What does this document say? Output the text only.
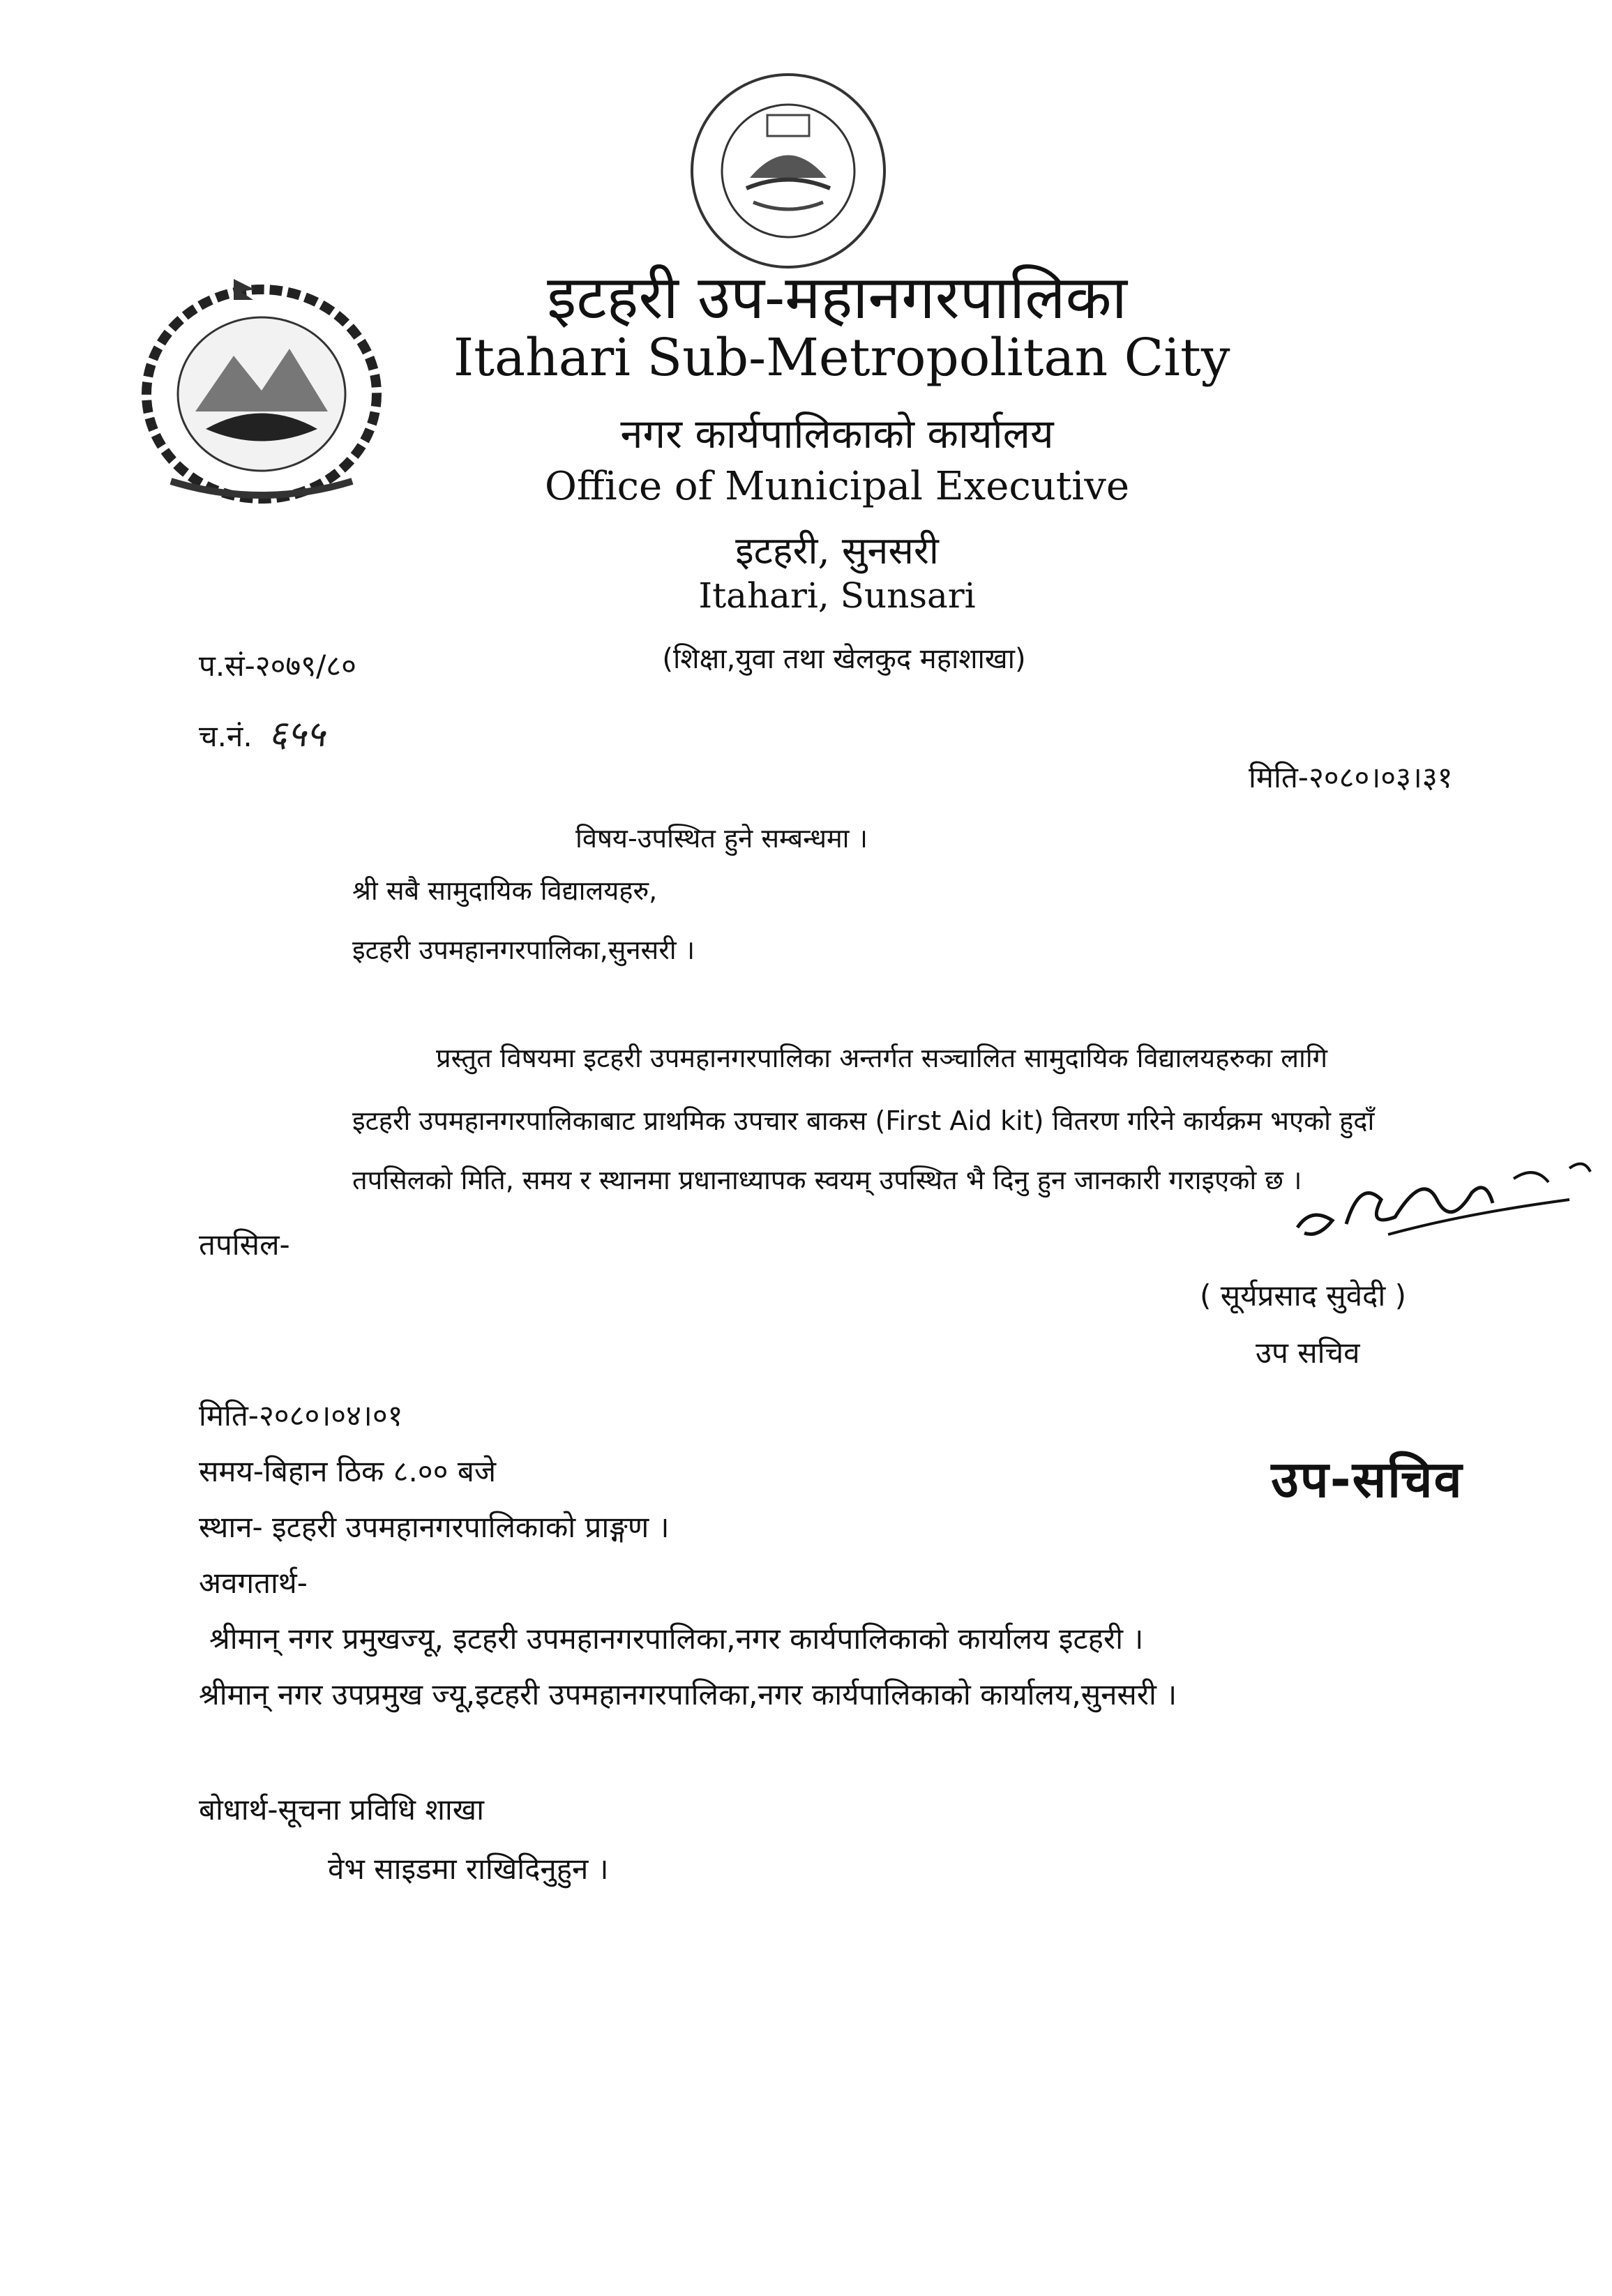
इटहरी उप-महानगरपालिका
Itahari Sub-Metropolitan City
नगर कार्यपालिकाको कार्यालय
Office of Municipal Executive
इटहरी, सुनसरी
Itahari, Sunsari
(शिक्षा,युवा तथा खेलकुद महाशाखा)
प.सं-२०७९/८०
च.नं. ६५५
मिति-२०८०।०३।३१
विषय-उपस्थित हुने सम्बन्धमा ।
श्री सबै सामुदायिक विद्यालयहरु,
इटहरी उपमहानगरपालिका,सुनसरी ।
प्रस्तुत विषयमा इटहरी उपमहानगरपालिका अन्तर्गत सञ्चालित सामुदायिक विद्यालयहरुका लागि
इटहरी उपमहानगरपालिकाबाट प्राथमिक उपचार बाकस (First Aid kit) वितरण गरिने कार्यक्रम भएको हुदाँ
तपसिलको मिति, समय र स्थानमा प्रधानाध्यापक स्वयम् उपस्थित भै दिनु हुन जानकारी गराइएको छ ।
तपसिल-
( सूर्यप्रसाद सुवेदी )
उप सचिव
उप-सचिव
मिति-२०८०।०४।०१
समय-बिहान ठिक ८.०० बजे
स्थान- इटहरी उपमहानगरपालिकाको प्राङ्गण ।
अवगतार्थ-
श्रीमान् नगर प्रमुखज्यू, इटहरी उपमहानगरपालिका,नगर कार्यपालिकाको कार्यालय इटहरी ।
श्रीमान् नगर उपप्रमुख ज्यू,इटहरी उपमहानगरपालिका,नगर कार्यपालिकाको कार्यालय,सुनसरी ।
बोधार्थ-सूचना प्रविधि शाखा
वेभ साइडमा राखिदिनुहुन ।
